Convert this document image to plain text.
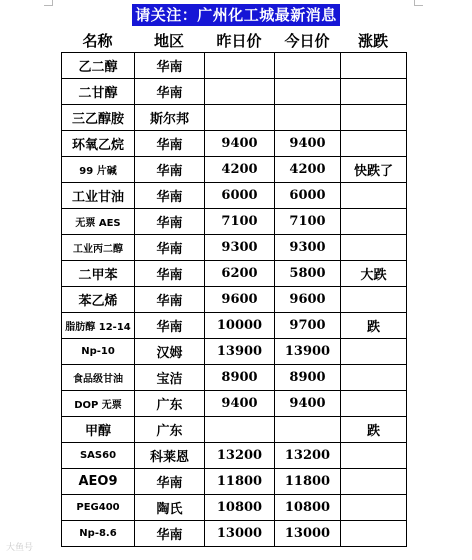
请关注：广州化工城最新消息
名称	地区	昨日价	今日价	涨跌
乙二醇	华南			
二甘醇	华南			
三乙醇胺	斯尔邦			
环氧乙烷	华南	9400	9400	
99 片碱	华南	4200	4200	快跌了
工业甘油	华南	6000	6000	
无票 AES	华南	7100	7100	
工业丙二醇	华南	9300	9300	
二甲苯	华南	6200	5800	大跌
苯乙烯	华南	9600	9600	
脂肪醇 12-14	华南	10000	9700	跌
Np-10	汉姆	13900	13900	
食品级甘油	宝洁	8900	8900	
DOP 无票	广东	9400	9400	
甲醇	广东			跌
SAS60	科莱恩	13200	13200	
AEO9	华南	11800	11800	
PEG400	陶氏	10800	10800	
Np-8.6	华南	13000	13000	
大鱼号
